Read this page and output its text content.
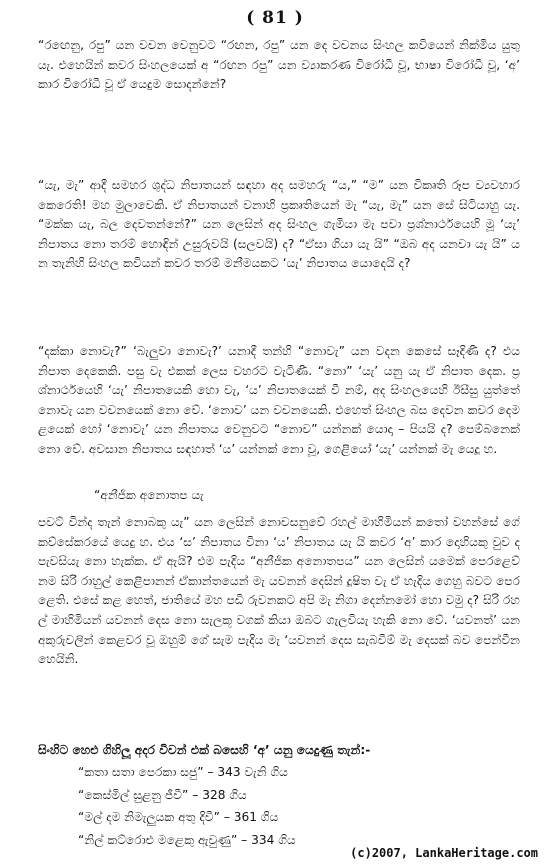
( 81 )
“රඟෙනු, රපු” යන වචන වෙනුවට “රඟන, රපු” යන දෙ වචනය සිංහල කවියෙන් නික්මිය යුතු යැ. එහෙයින් කවර සිංහලයෙක් අ “රඟන රපු” යන ව්‍යාකරණ විරෝධී වූ, භාෂා විරෝධී වූ, ‘අ’ කාර විරෝධී වූ ඒ යෙදුම සොදන්නේ?
“යැ, මැ” ආදී සමහර ශුද්ධ නිපාතයන් සඳහා අද සමහරු “ය,” “ම” යන විකෘති රූප ව්‍යවහාර කෙරෙති! මහ මුලාවෙකි. ඒ නිපාතයන් වනාහි ප්‍රකෘතියෙන් මැ “යැ, මැ” යන සේ සිටියාහු යැ. “මක්ක යැ, බල දෙවතන්නේ?” යන ලෙසින් අද සිංහල ගැමියා මැ පවා ප්‍රශ්නාර්ථයෙහි මූ ‘යැ’ නිපාතය නො තරම් හොඳින් උසුරුවයි (සලවයි) ද? “ඒසා ගියා යැ යි” “ඔබ අද යනවා යැ යි” යන තැනිහි සිංහල කවියන් කවර තරම් මනීමයකට ‘යැ’ නිපාතය යොදෙයි ද?
“දක්කා නොවැ?” ‘බැලුවා නොවැ?’ යනාදී තන්හි “නොවැ” යන වදන කෙසේ සෑදිණී ද? එය නිපාත දෙකෙකි. පසු වැ එකක් ලෙස වහරට වැටිණී. “නො” ‘යැ’ යනු යැ ඒ නිපාත දෙක. ප්‍රශ්නාර්ථයෙහි ‘යැ’ නිපාතයෙකි හො වැ, ‘ය’ නිපාතයෙක් වී නම්, අද සිංහලයෙහි ඊසීසු යුත්තේ නොවැ යන වචනයෙක් නො වේ. ‘නොව’ යන වචනයෙකි. එහෙත් සිංහල බස දෙවන කවර දෙමළයෙක් හෝ ‘නොවැ’ යන නිපාතය වෙනුවට “නොව” යන්නක් යොදා – පියයි ද? පෙම්බනෙක් නො වේ. අවසාන නිපාතය සඳහාත් ‘ය’ යන්නක් නො වූ, ගෙළියෝ ‘යැ’ යන්නක් මැ යෙදූ හ.
“අනීජික අනොතප යැ
පවට් වින්ද තැන් නොබකු යැ” යන ලෙසින් නොවසනුවේ රහල් මාහිමියන් කතෝ වහන්සේ ගේ කව්සේකරයේ යෙදු හ. එය ‘ස’ නිපාතය විනා ‘ය’ නිපාතය යැ යි කවර ‘අ’ කාර දොහියකු වුව ද පැවසියැ නො හැක්ක. ඒ ඇයි? එම පැදිය “අනීජික අනොතපය” යන ලෙසින් යමෙක් පෙරළෙව් නම සිරි රාහුල් කෙළිපානන් ඒකාන්තයෙන් මැ යවනන් දෙසින් දූෂිත වැ ඒ හැදිය ගෙහු බවට පෙරළෙති. එසේ කළ හෙත්, ජාතියේ මහ පඩි රුවනකට අපි මැ නිගා දෙන්නමෝ හො වමු ද? සිරි රහල් මාහිමියන් යවනන් දෙස නො සැලකූ වගක් කියා ඔබට ගැලවියැ හැකි නො වේ. ‘යවනත්’ යන අකුරුවලින් කෙළවර වූ ඔහුම් ගේ සැම පැදිය මැ ‘යවනන් දෙස සැබවීම් මැ දෙසක් බව පෙන්වීන හෙයිනි.
සිංහිට හෙළු ගිහිලූ අදර විවන් එක් බසෙහි ‘අ’ යනු යෙදුණු තැන්:-
“කතා සතා පෙරකා සජු” – 343 වැනි ගිය
“කෙස්මිල් සුළනු ජීවී” – 328 ගිය
“මල් දම නිමැලුයක අතු දිවී” – 361 ගිය
“නිල් කට්රොළු මළෙකු ඇවුණු” – 334 ගිය
(c)2007, LankaHeritage.com
